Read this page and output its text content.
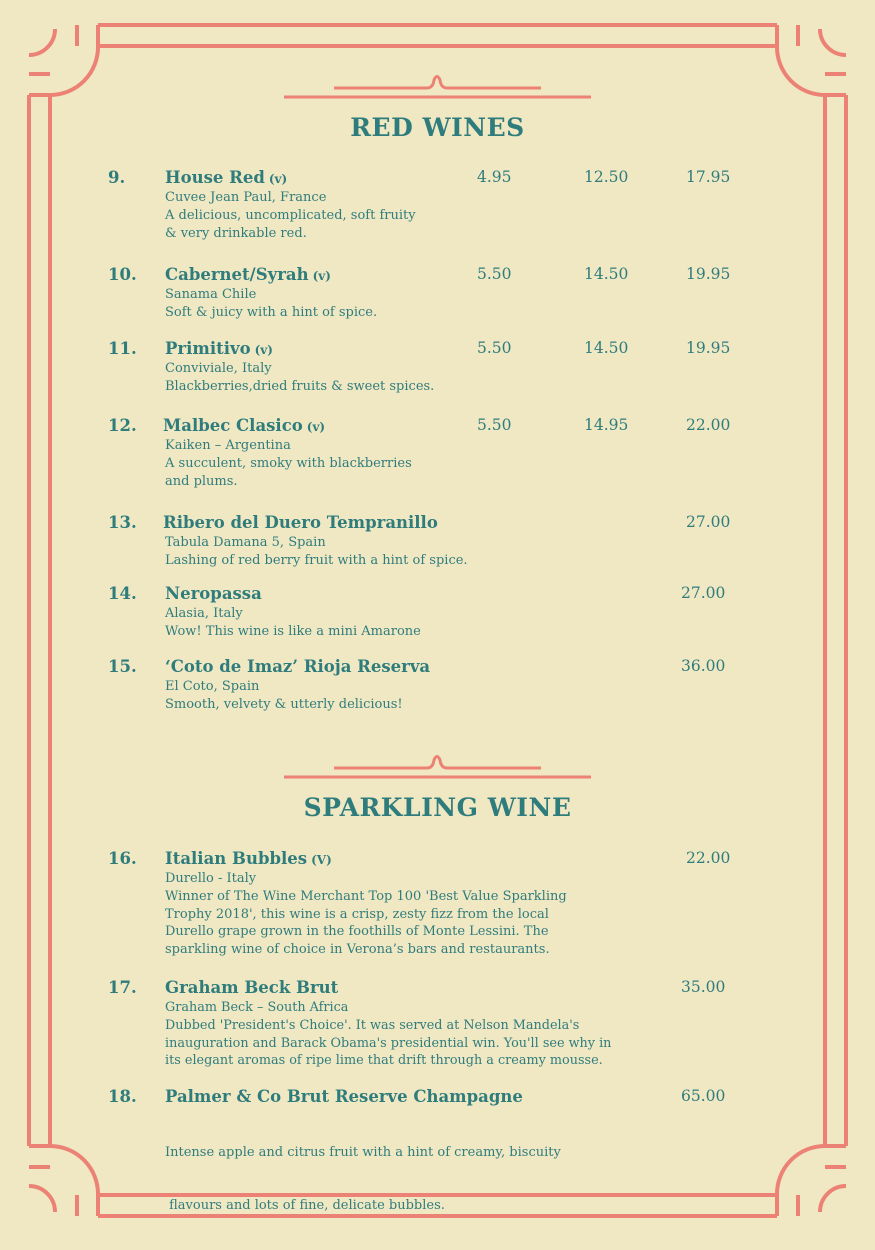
RED WINES
SPARKLING WINE
9. House Red (v)	4.95	12.50	17.95
Cuvee Jean Paul, France
A delicious, uncomplicated, soft fruity
& very drinkable red.
10. Cabernet/Syrah (v)	5.50	14.50	19.95
Sanama Chile
Soft & juicy with a hint of spice.
11. Primitivo (v)	5.50	14.50	19.95
Conviviale, Italy
Blackberries,dried fruits & sweet spices.
12. Malbec Clasico (v)	5.50	14.95	22.00
Kaiken – Argentina
A succulent, smoky with blackberries
and plums.
13. Ribero del Duero Tempranillo	27.00
Tabula Damana 5, Spain
Lashing of red berry fruit with a hint of spice.
14. Neropassa	27.00
Alasia, Italy
Wow! This wine is like a mini Amarone
15. ‘Coto de Imaz’ Rioja Reserva	36.00
El Coto, Spain
Smooth, velvety & utterly delicious!
16. Italian Bubbles (V)	22.00
Durello - Italy
Winner of The Wine Merchant Top 100 'Best Value Sparkling
Trophy 2018', this wine is a crisp, zesty fizz from the local
Durello grape grown in the foothills of Monte Lessini. The
sparkling wine of choice in Verona’s bars and restaurants.
17. Graham Beck Brut	35.00
Graham Beck – South Africa
Dubbed 'President's Choice'. It was served at Nelson Mandela's
inauguration and Barack Obama's presidential win. You'll see why in
its elegant aromas of ripe lime that drift through a creamy mousse.
18. Palmer & Co Brut Reserve Champagne	65.00

Intense apple and citrus fruit with a hint of creamy, biscuity

flavours and lots of fine, delicate bubbles.
